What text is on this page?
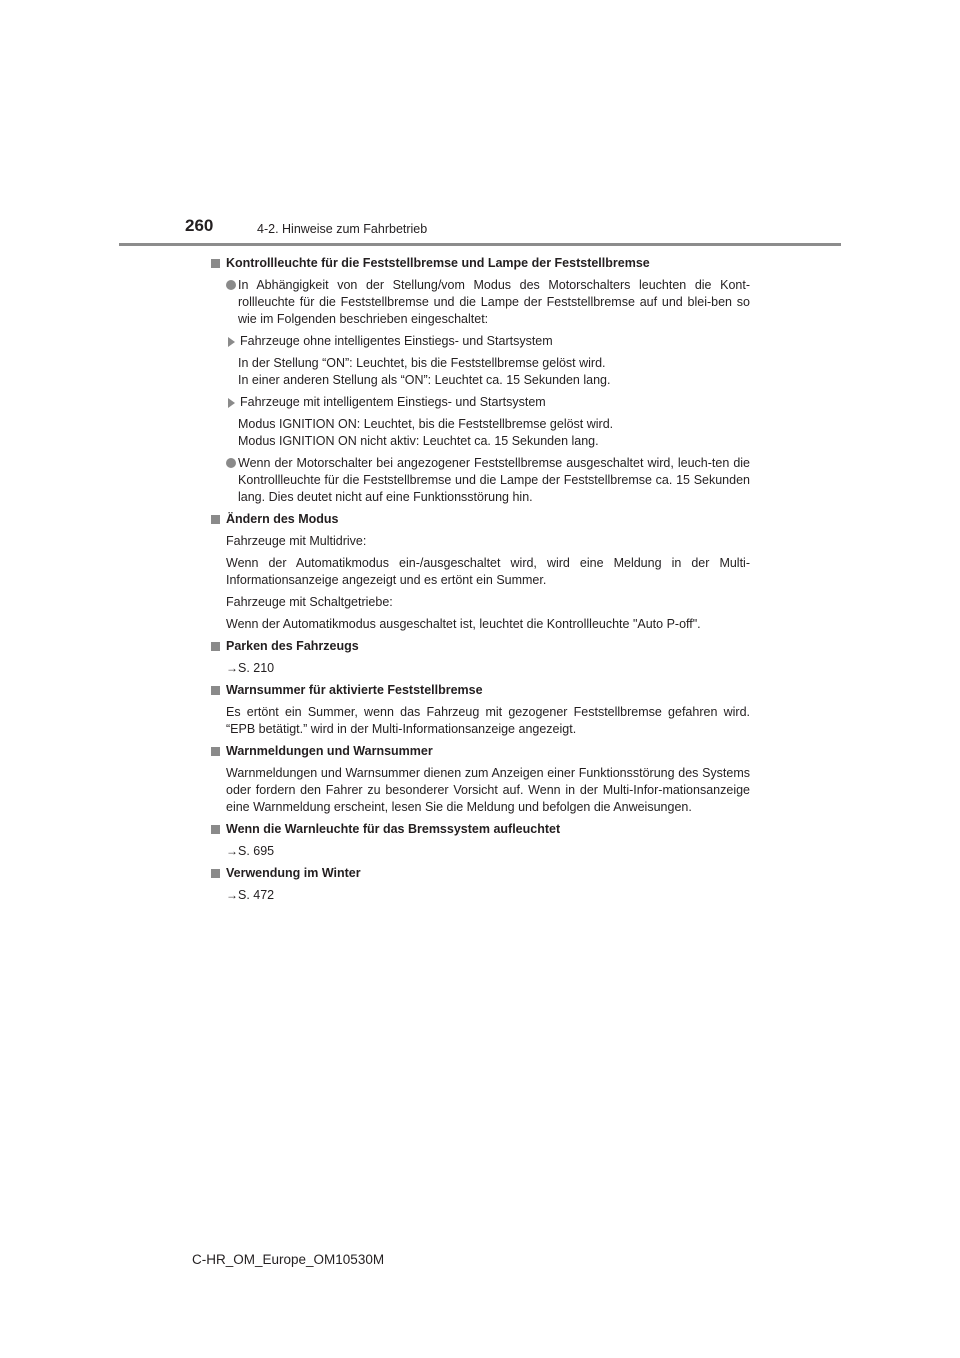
260	4-2. Hinweise zum Fahrbetrieb
Kontrollleuchte für die Feststellbremse und Lampe der Feststellbremse
In Abhängigkeit von der Stellung/vom Modus des Motorschalters leuchten die Kont-rollleuchte für die Feststellbremse und die Lampe der Feststellbremse auf und blei-ben so wie im Folgenden beschrieben eingeschaltet:
Fahrzeuge ohne intelligentes Einstiegs- und Startsystem
In der Stellung “ON”: Leuchtet, bis die Feststellbremse gelöst wird.
In einer anderen Stellung als “ON”: Leuchtet ca. 15 Sekunden lang.
Fahrzeuge mit intelligentem Einstiegs- und Startsystem
Modus IGNITION ON: Leuchtet, bis die Feststellbremse gelöst wird.
Modus IGNITION ON nicht aktiv: Leuchtet ca. 15 Sekunden lang.
Wenn der Motorschalter bei angezogener Feststellbremse ausgeschaltet wird, leuch-ten die Kontrollleuchte für die Feststellbremse und die Lampe der Feststellbremse ca. 15 Sekunden lang. Dies deutet nicht auf eine Funktionsstörung hin.
Ändern des Modus
Fahrzeuge mit Multidrive:
Wenn der Automatikmodus ein-/ausgeschaltet wird, wird eine Meldung in der Multi-Informationsanzeige angezeigt und es ertönt ein Summer.
Fahrzeuge mit Schaltgetriebe:
Wenn der Automatikmodus ausgeschaltet ist, leuchtet die Kontrollleuchte "Auto P-off".
Parken des Fahrzeugs
→S. 210
Warnsummer für aktivierte Feststellbremse
Es ertönt ein Summer, wenn das Fahrzeug mit gezogener Feststellbremse gefahren wird. “EPB betätigt.” wird in der Multi-Informationsanzeige angezeigt.
Warnmeldungen und Warnsummer
Warnmeldungen und Warnsummer dienen zum Anzeigen einer Funktionsstörung des Systems oder fordern den Fahrer zu besonderer Vorsicht auf. Wenn in der Multi-Infor-mationsanzeige eine Warnmeldung erscheint, lesen Sie die Meldung und befolgen die Anweisungen.
Wenn die Warnleuchte für das Bremssystem aufleuchtet
→S. 695
Verwendung im Winter
→S. 472
C-HR_OM_Europe_OM10530M
